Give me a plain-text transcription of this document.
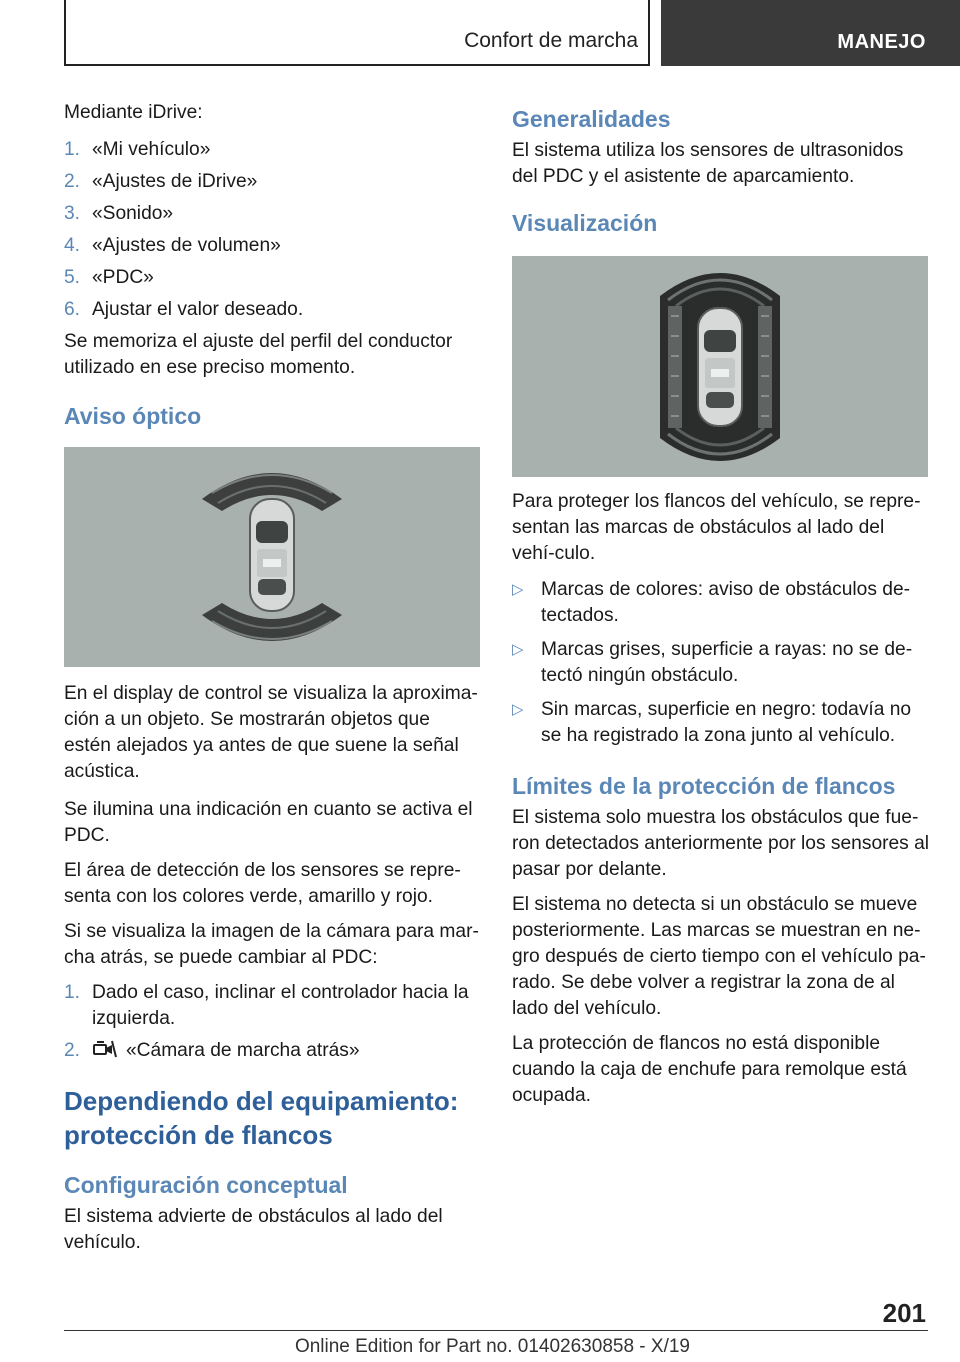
Confort de marcha	MANEJO

Mediante iDrive:

1. «Mi vehículo»
2. «Ajustes de iDrive»
3. «Sonido»
4. «Ajustes de volumen»
5. «PDC»
6. Ajustar el valor deseado.

Se memoriza el ajuste del perfil del conductor utilizado en ese preciso momento.

Aviso óptico

En el display de control se visualiza la aproxima‐ción a un objeto. Se mostrarán objetos que estén alejados ya antes de que suene la señal acústica.

Se ilumina una indicación en cuanto se activa el PDC.

El área de detección de los sensores se repre‐senta con los colores verde, amarillo y rojo.

Si se visualiza la imagen de la cámara para mar‐cha atrás, se puede cambiar al PDC:

1. Dado el caso, inclinar el controlador hacia la izquierda.
2. «Cámara de marcha atrás»
Dependiendo del equipamiento: protección de flancos
Configuración conceptual

El sistema advierte de obstáculos al lado del vehículo.

Generalidades

El sistema utiliza los sensores de ultrasonidos del PDC y el asistente de aparcamiento.

Visualización

Para proteger los flancos del vehículo, se repre‐sentan las marcas de obstáculos al lado del vehí‐culo.

▷ Marcas de colores: aviso de obstáculos de‐tectados.
▷ Marcas grises, superficie a rayas: no se de‐tectó ningún obstáculo.
▷ Sin marcas, superficie en negro: todavía no se ha registrado la zona junto al vehículo.
Límites de la protección de flancos

El sistema solo muestra los obstáculos que fue‐ron detectados anteriormente por los sensores al pasar por delante.

El sistema no detecta si un obstáculo se mueve posteriormente. Las marcas se muestran en ne‐gro después de cierto tiempo con el vehículo pa‐rado. Se debe volver a registrar la zona de al lado del vehículo.

La protección de flancos no está disponible cuando la caja de enchufe para remolque está ocupada.

201
Online Edition for Part no. 01402630858 - X/19
